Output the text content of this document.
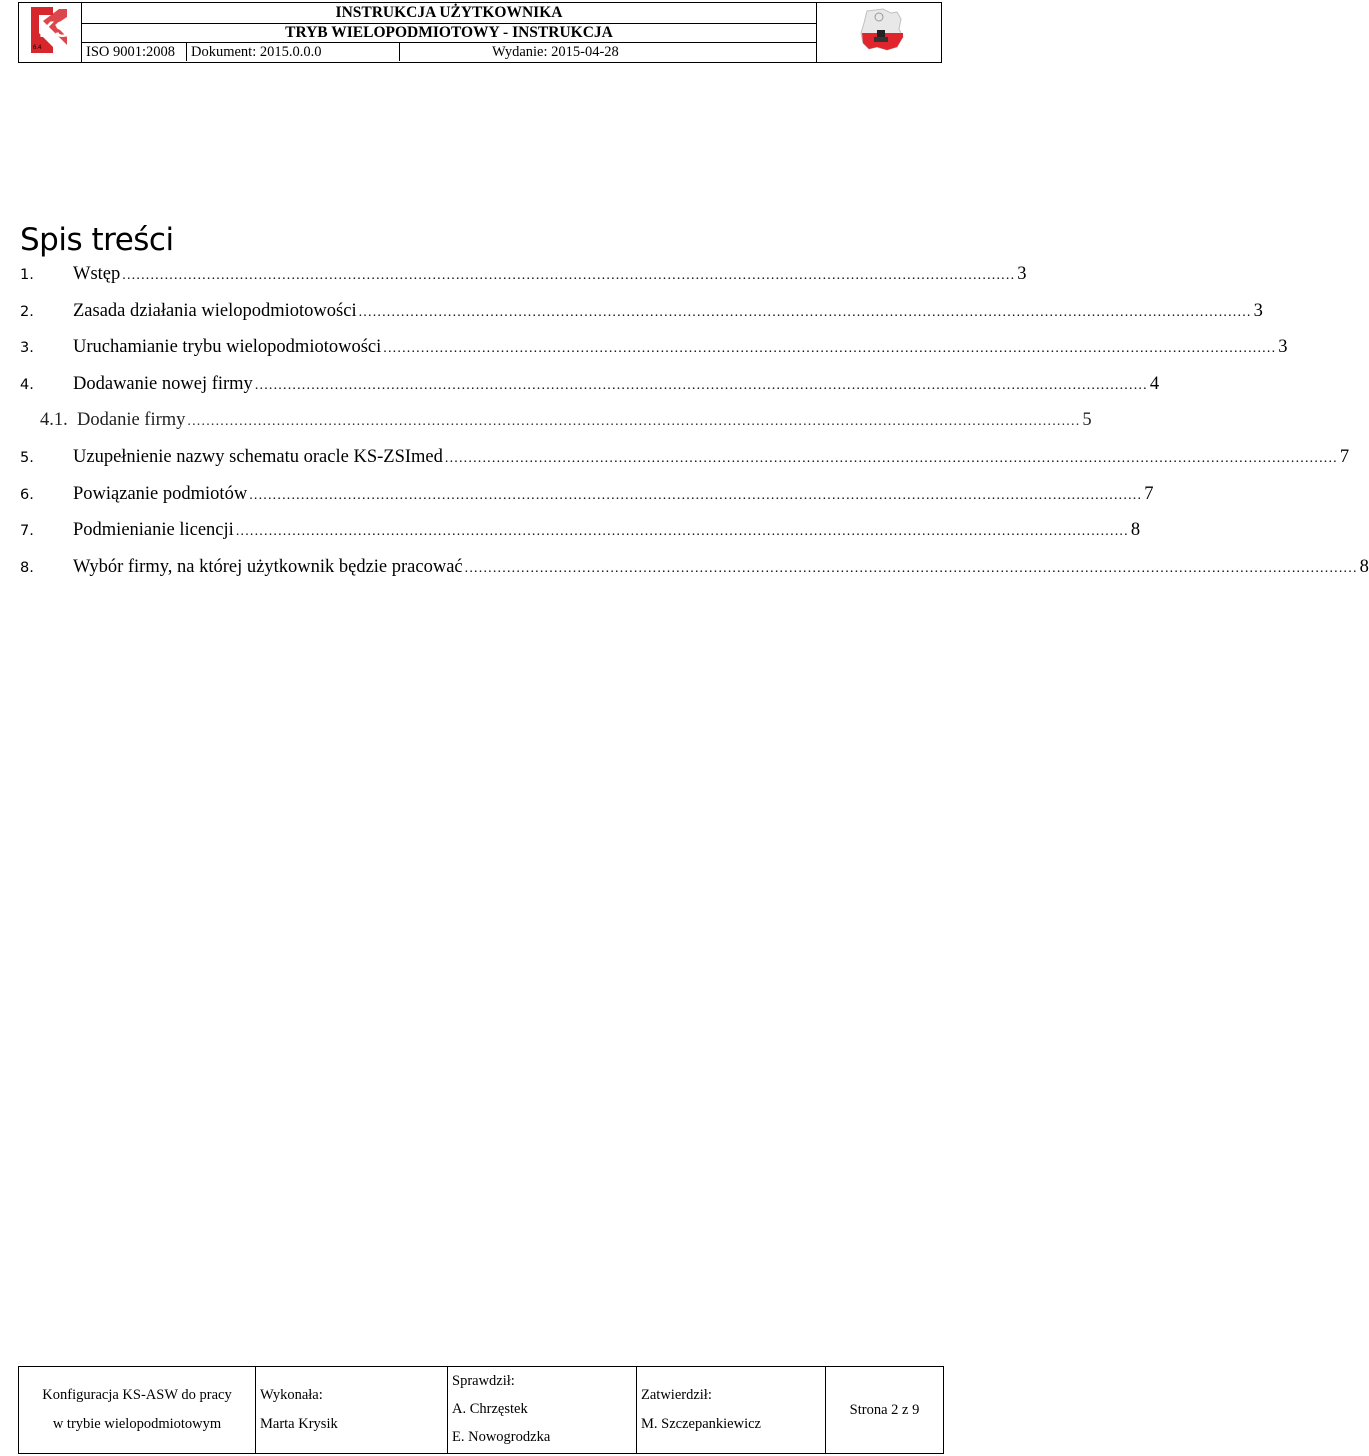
KS
6.4

INSTRUKCJA UŻYTKOWNIKA
TRYB WIELOPODMIOTOWY - INSTRUKCJA
ISO 9001:2008	Dokument: 2015.0.0.0	Wydanie: 2015-04-28

Spis treści
1.	Wstęp .............................................................................................................................................................................................. 3
2.	Zasada działania wielopodmiotowości .............................................................................................................................................................................................. 3
3.	Uruchamianie trybu wielopodmiotowości .............................................................................................................................................................................................. 3
4.	Dodawanie nowej firmy .............................................................................................................................................................................................. 4
4.1. Dodanie firmy .............................................................................................................................................................................................. 5
5.	Uzupełnienie nazwy schematu oracle KS-ZSImed .............................................................................................................................................................................................. 7
6.	Powiązanie podmiotów .............................................................................................................................................................................................. 7
7.	Podmienianie licencji .............................................................................................................................................................................................. 8
8.	Wybór firmy, na której użytkownik będzie pracować .............................................................................................................................................................................................. 8
Konfiguracja KS-ASW do pracy
w trybie wielopodmiotowym

Wykonała:
Marta Krysik

Sprawdził:
A. Chrzęstek
E. Nowogrodzka

Zatwierdził:
M. Szczepankiewicz
	Strona 2 z 9
